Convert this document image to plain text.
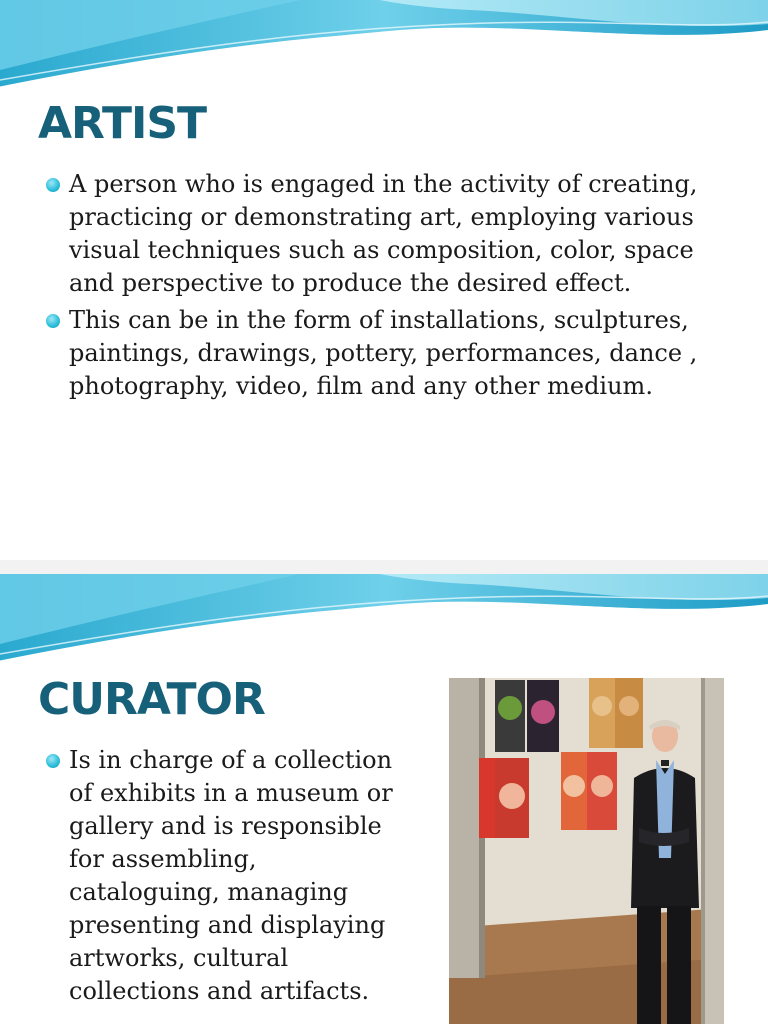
ARTIST
A person who is engaged in the activity of creating, practicing or demonstrating art, employing various visual techniques such as composition, color, space and perspective to produce the desired effect.
This can be in the form of installations, sculptures, paintings, drawings, pottery, performances, dance , photography, video, film and any other medium.
CURATOR
Is in charge of a collection of exhibits in a museum or gallery and is responsible for assembling, cataloguing, managing presenting and displaying artworks, cultural collections and artifacts.
